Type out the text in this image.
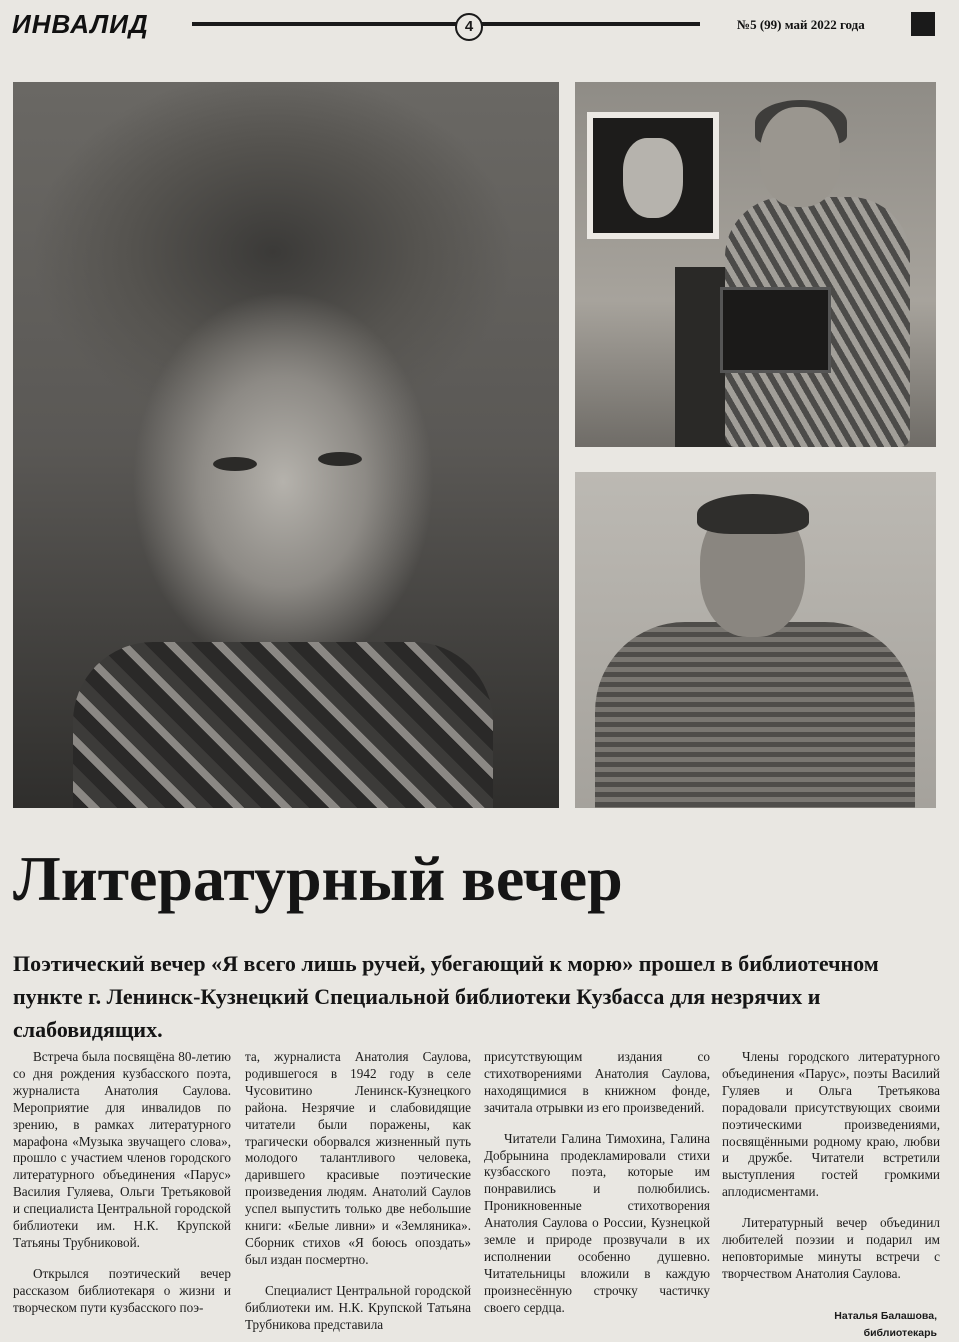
ИНВАЛИД	4	№5 (99) май 2022 года
Литературный вечер

Поэтический вечер «Я всего лишь ручей, убегающий к морю» прошел в библиотечном пункте г. Ленинск-Кузнецкий Специальной библиотеки Кузбасса для незрячих и слабовидящих.

Встреча была посвящёна 80-летию со дня рождения кузбасского поэта, журналиста Анатолия Саулова. Мероприятие для инвалидов по зрению, в рамках литературного марафона «Музыка звучащего слова», прошло с участием членов городского литературного объединения «Парус» Василия Гуляева, Ольги Третьяковой и специалиста Центральной городской библиотеки им. Н.К. Крупской Татьяны Трубниковой.

Открылся поэтический вечер рассказом библиотекаря о жизни и творческом пути кузбасского поэ-

та, журналиста Анатолия Саулова, родившегося в 1942 году в селе Чусовитино Ленинск-Кузнецкого района. Незрячие и слабовидящие читатели были поражены, как трагически оборвался жизненный путь молодого талантливого человека, дарившего красивые поэтические произведения людям. Анатолий Саулов успел выпустить только две небольшие книги: «Белые ливни» и «Земляника». Сборник стихов «Я боюсь опоздать» был издан посмертно.

Специалист Центральной городской библиотеки им. Н.К. Крупской Татьяна Трубникова представила

присутствующим издания со стихотворениями Анатолия Саулова, находящимися в книжном фонде, зачитала отрывки из его произведений.

Читатели Галина Тимохина, Галина Добрынина продекламировали стихи кузбасского поэта, которые им понравились и полюбились. Проникновенные стихотворения Анатолия Саулова о России, Кузнецкой земле и природе прозвучали в их исполнении особенно душевно. Читательницы вложили в каждую произнесённую строчку частичку своего сердца.

Члены городского литературного объединения «Парус», поэты Василий Гуляев и Ольга Третьякова порадовали присутствующих своими поэтическими произведениями, посвящёнными родному краю, любви и дружбе. Читатели встретили выступления гостей громкими аплодисментами.

Литературный вечер объединил любителей поэзии и подарил им неповторимые минуты встречи с творчеством Анатолия Саулова.

Наталья Балашова,
библиотекарь
